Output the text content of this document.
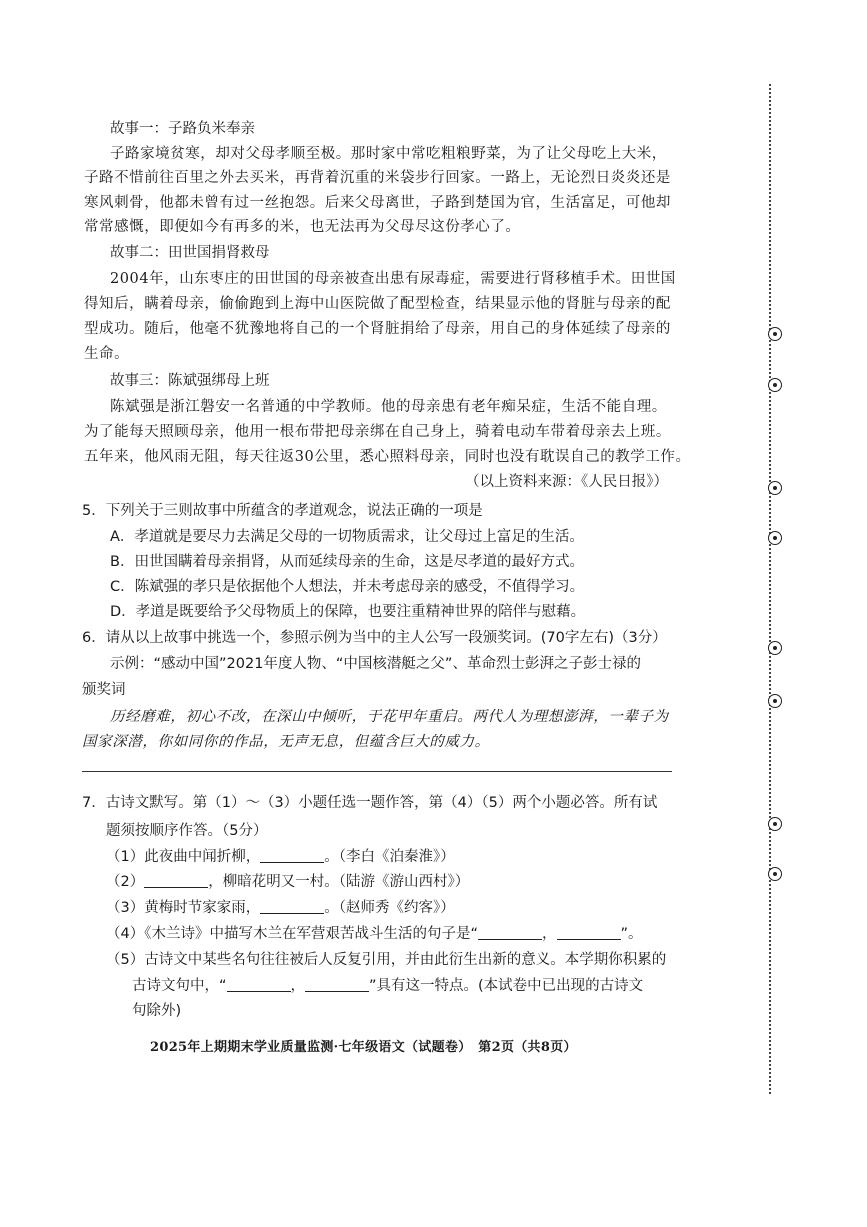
故事一：子路负米奉亲
子路家境贫寒，却对父母孝顺至极。那时家中常吃粗粮野菜，为了让父母吃上大米，
子路不惜前往百里之外去买米，再背着沉重的米袋步行回家。一路上，无论烈日炎炎还是
寒风刺骨，他都未曾有过一丝抱怨。后来父母离世，子路到楚国为官，生活富足，可他却
常常感慨，即便如今有再多的米，也无法再为父母尽这份孝心了。
故事二：田世国捐肾救母
2004年，山东枣庄的田世国的母亲被查出患有尿毒症，需要进行肾移植手术。田世国
得知后，瞒着母亲，偷偷跑到上海中山医院做了配型检查，结果显示他的肾脏与母亲的配
型成功。随后，他毫不犹豫地将自己的一个肾脏捐给了母亲，用自己的身体延续了母亲的
生命。
故事三：陈斌强绑母上班
陈斌强是浙江磐安一名普通的中学教师。他的母亲患有老年痴呆症，生活不能自理。
为了能每天照顾母亲，他用一根布带把母亲绑在自己身上，骑着电动车带着母亲去上班。
五年来，他风雨无阻，每天往返30公里，悉心照料母亲，同时也没有耽误自己的教学工作。
（以上资料来源：《人民日报》）
5．下列关于三则故事中所蕴含的孝道观念，说法正确的一项是
A．孝道就是要尽力去满足父母的一切物质需求，让父母过上富足的生活。
B．田世国瞒着母亲捐肾，从而延续母亲的生命，这是尽孝道的最好方式。
C．陈斌强的孝只是依据他个人想法，并未考虑母亲的感受，不值得学习。
D．孝道是既要给予父母物质上的保障，也要注重精神世界的陪伴与慰藉。
6．请从以上故事中挑选一个，参照示例为当中的主人公写一段颁奖词。(70字左右)（3分）
示例：“感动中国”2021年度人物、“中国核潜艇之父”、革命烈士彭湃之子彭士禄的
颁奖词
历经磨难，初心不改，在深山中倾听，于花甲年重启。两代人为理想澎湃，一辈子为
国家深潜，你如同你的作品，无声无息，但蕴含巨大的威力。
7．古诗文默写。第（1）～（3）小题任选一题作答，第（4）（5）两个小题必答。所有试
题须按顺序作答。（5分）
（1）此夜曲中闻折柳，	。（李白《泊秦淮》）
（2）	，柳暗花明又一村。（陆游《游山西村》）
（3）黄梅时节家家雨，	。（赵师秀《约客》）
（4）《木兰诗》中描写木兰在军营艰苦战斗生活的句子是“	，	”。
（5）古诗文中某些名句往往被后人反复引用，并由此衍生出新的意义。本学期你积累的
古诗文句中，“	，	”具有这一特点。(本试卷中已出现的古诗文
句除外)
2025年上期期末学业质量监测·七年级语文（试题卷）　第2页（共8页）
